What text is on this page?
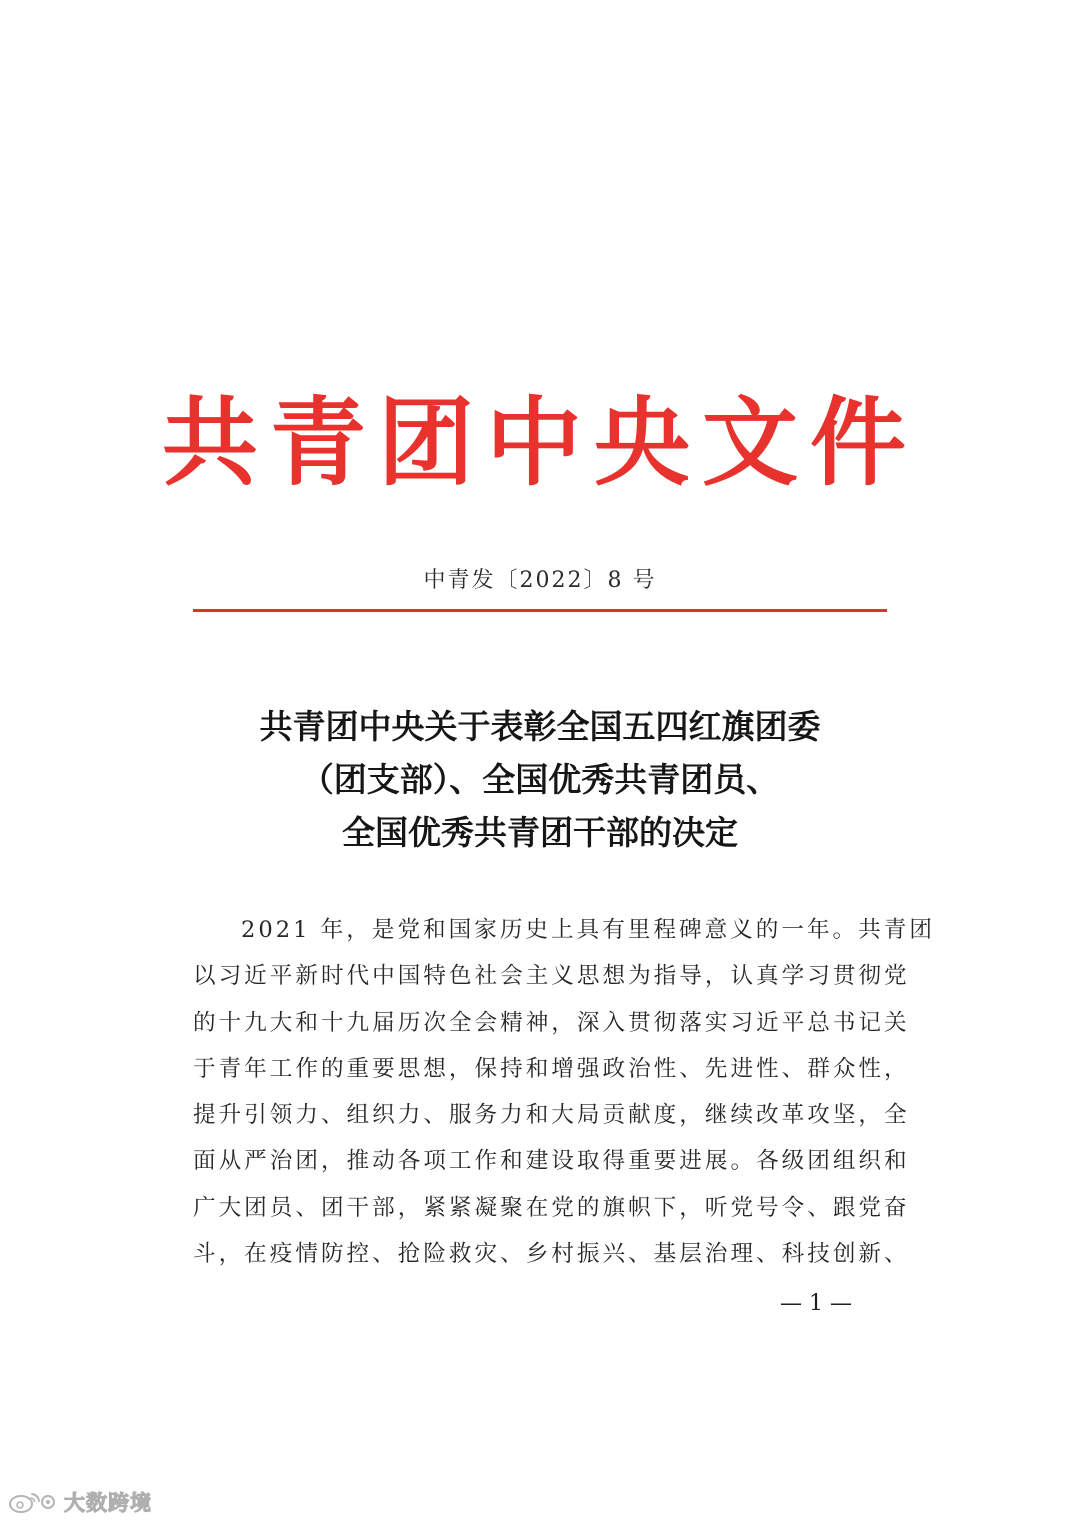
共青团中央文件
中青发〔2022〕8 号
共青团中央关于表彰全国五四红旗团委
（团支部）、全国优秀共青团员、
全国优秀共青团干部的决定
2021 年，是党和国家历史上具有里程碑意义的一年。共青团
以习近平新时代中国特色社会主义思想为指导，认真学习贯彻党
的十九大和十九届历次全会精神，深入贯彻落实习近平总书记关
于青年工作的重要思想，保持和增强政治性、先进性、群众性，
提升引领力、组织力、服务力和大局贡献度，继续改革攻坚，全
面从严治团，推动各项工作和建设取得重要进展。各级团组织和
广大团员、团干部，紧紧凝聚在党的旗帜下，听党号令、跟党奋
斗，在疫情防控、抢险救灾、乡村振兴、基层治理、科技创新、
— 1 —
大数跨境
